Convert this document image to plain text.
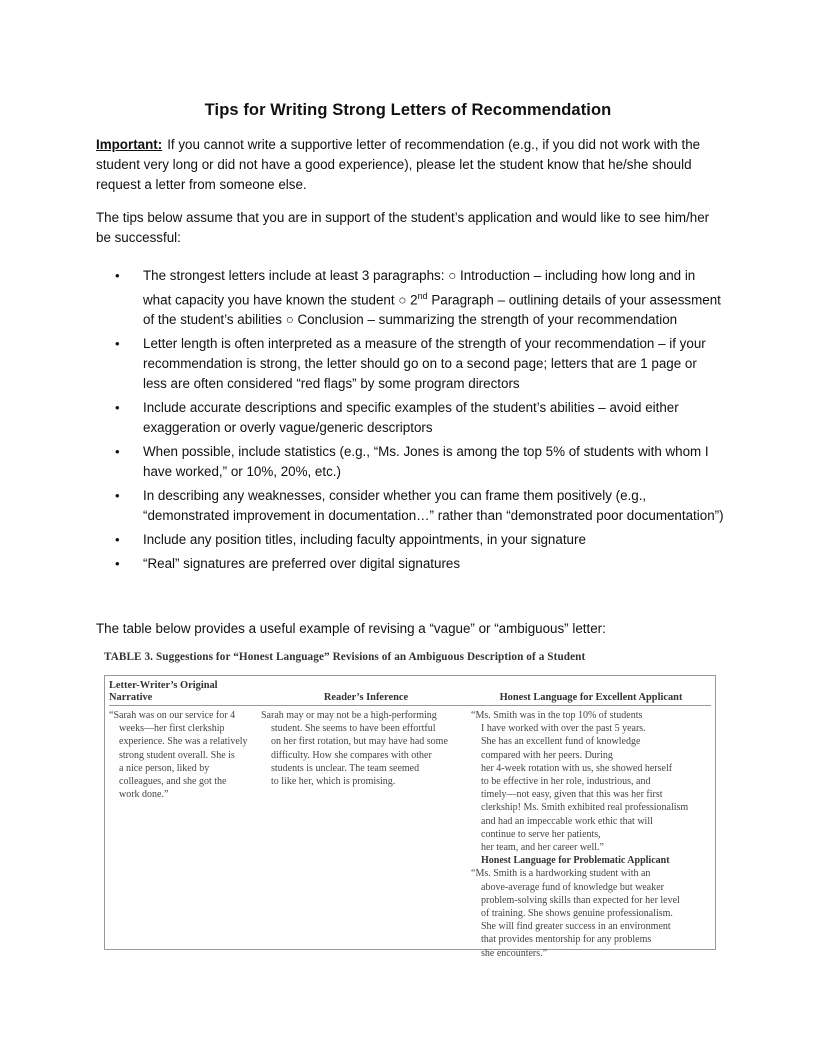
Tips for Writing Strong Letters of Recommendation

Important: If you cannot write a supportive letter of recommendation (e.g., if you did not work with the student very long or did not have a good experience), please let the student know that he/she should request a letter from someone else.

The tips below assume that you are in support of the student’s application and would like to see him/her be successful:

• The strongest letters include at least 3 paragraphs: ○ Introduction – including how long and in what capacity you have known the student ○ 2nd Paragraph – outlining details of your assessment of the student’s abilities ○ Conclusion – summarizing the strength of your recommendation
• Letter length is often interpreted as a measure of the strength of your recommendation – if your recommendation is strong, the letter should go on to a second page; letters that are 1 page or less are often considered “red flags” by some program directors
• Include accurate descriptions and specific examples of the student’s abilities – avoid either exaggeration or overly vague/generic descriptors
• When possible, include statistics (e.g., “Ms. Jones is among the top 5% of students with whom I have worked,” or 10%, 20%, etc.)
• In describing any weaknesses, consider whether you can frame them positively (e.g., “demonstrated improvement in documentation…” rather than “demonstrated poor documentation”)
• Include any position titles, including faculty appointments, in your signature
• “Real” signatures are preferred over digital signatures

The table below provides a useful example of revising a “vague” or “ambiguous” letter:

TABLE 3. Suggestions for “Honest Language” Revisions of an Ambiguous Description of a Student
Letter-Writer’s Original
Narrative	Reader’s Inference	Honest Language for Excellent Applicant
“Sarah was on our service for 4
weeks—her first clerkship
experience. She was a relatively
strong student overall. She is
a nice person, liked by
colleagues, and she got the
work done.”
Sarah may or may not be a high-performing
student. She seems to have been effortful
on her first rotation, but may have had some
difficulty. How she compares with other
students is unclear. The team seemed
to like her, which is promising.
“Ms. Smith was in the top 10% of students
I have worked with over the past 5 years.
She has an excellent fund of knowledge
compared with her peers. During
her 4-week rotation with us, she showed herself
to be effective in her role, industrious, and
timely—not easy, given that this was her first
clerkship! Ms. Smith exhibited real professionalism
and had an impeccable work ethic that will
continue to serve her patients,
her team, and her career well.”
Honest Language for Problematic Applicant
“Ms. Smith is a hardworking student with an
above-average fund of knowledge but weaker
problem-solving skills than expected for her level
of training. She shows genuine professionalism.
She will find greater success in an environment
that provides mentorship for any problems
she encounters.”
